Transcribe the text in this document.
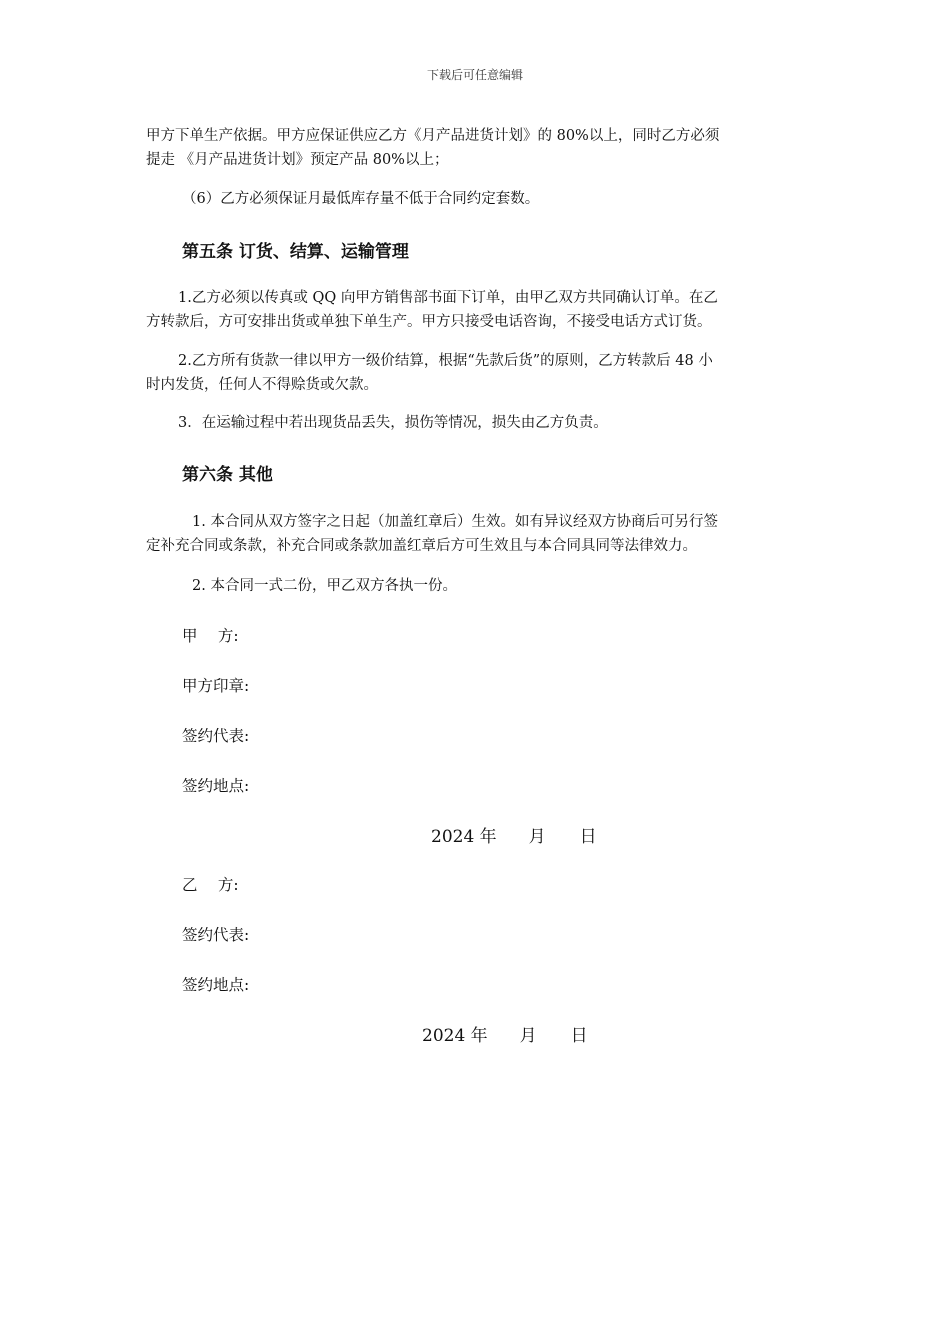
下载后可任意编辑
甲方下单生产依据。甲方应保证供应乙方《月产品进货计划》的 80%以上，同时乙方必须
提走 《月产品进货计划》预定产品 80%以上；
（6）乙方必须保证月最低库存量不低于合同约定套数。
第五条 订货、结算、运输管理
1.乙方必须以传真或 QQ 向甲方销售部书面下订单，由甲乙双方共同确认订单。在乙
方转款后，方可安排出货或单独下单生产。甲方只接受电话咨询，不接受电话方式订货。
2.乙方所有货款一律以甲方一级价结算，根据“先款后货”的原则，乙方转款后 48 小
时内发货，任何人不得赊货或欠款。
3．在运输过程中若出现货品丢失，损伤等情况，损失由乙方负责。
第六条 其他
1. 本合同从双方签字之日起（加盖红章后）生效。如有异议经双方协商后可另行签
定补充合同或条款，补充合同或条款加盖红章后方可生效且与本合同具同等法律效力。
2. 本合同一式二份，甲乙双方各执一份。
甲　 方:
甲方印章:
签约代表:
签约地点:
2024 年 月 日
乙　 方:
签约代表:
签约地点:
2024 年 月 日
